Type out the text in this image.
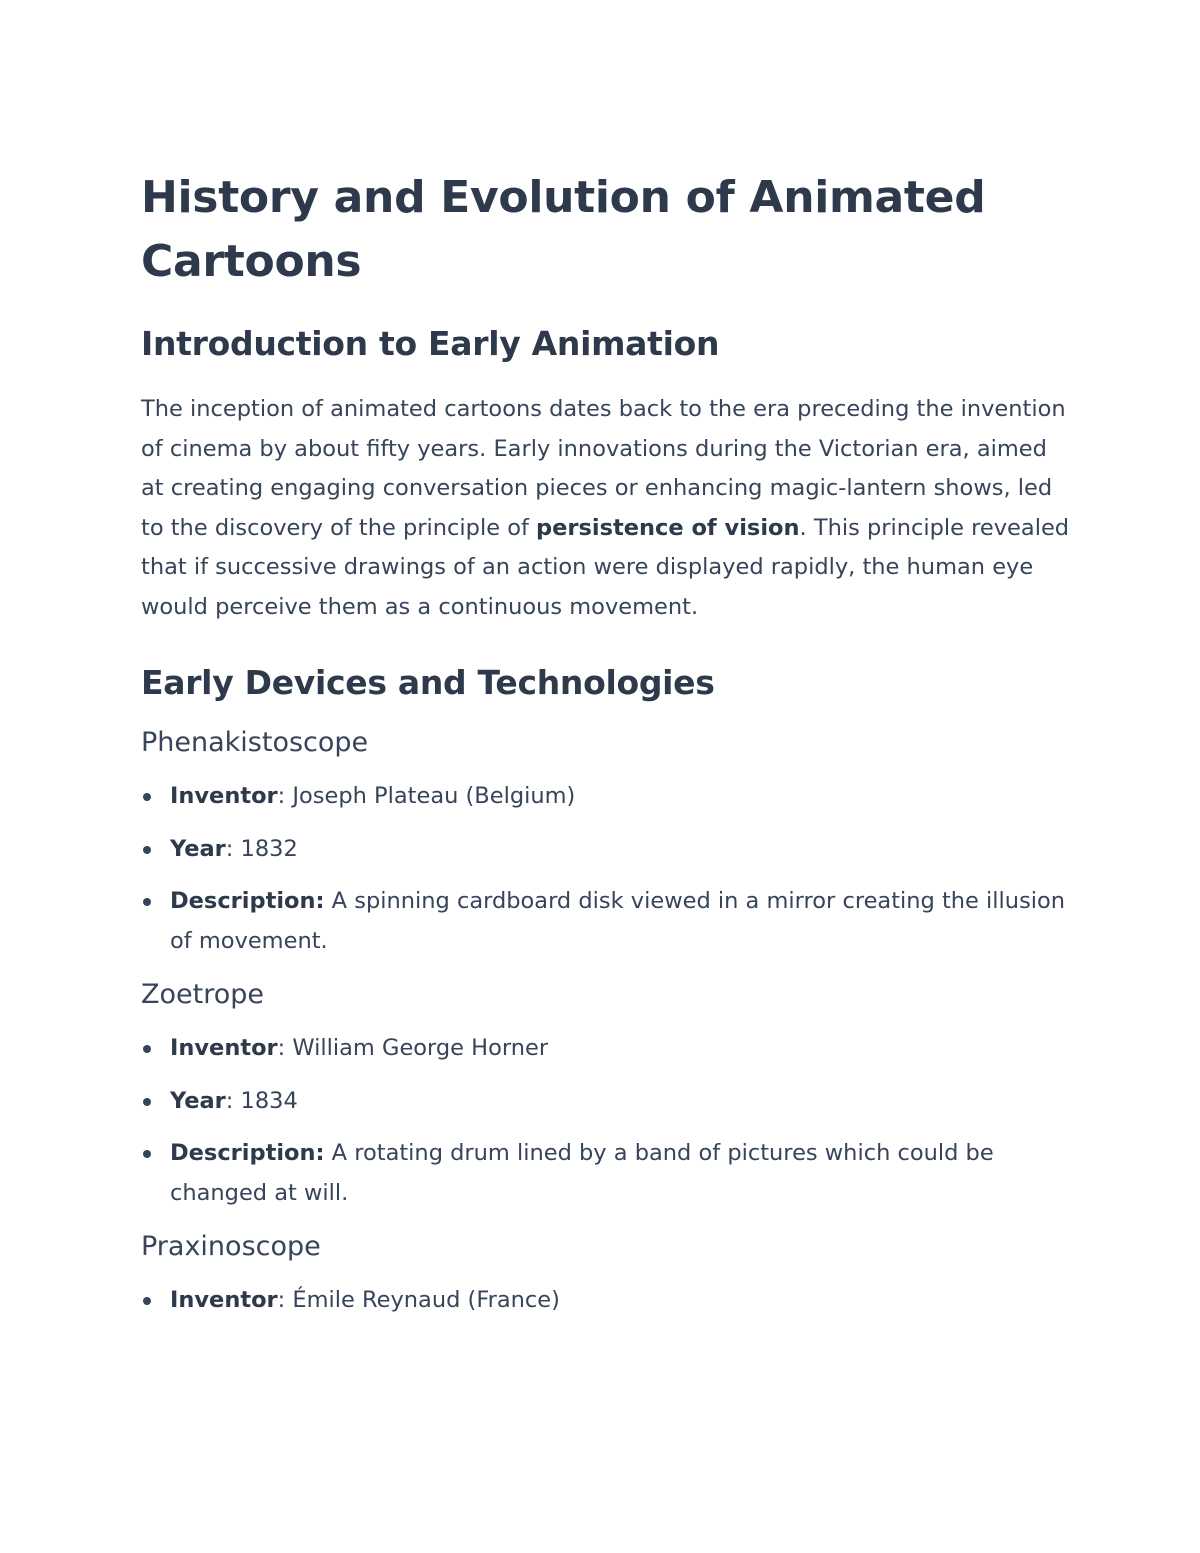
History and Evolution of Animated Cartoons
Introduction to Early Animation

The inception of animated cartoons dates back to the era preceding the invention of cinema by about fifty years. Early innovations during the Victorian era, aimed at creating engaging conversation pieces or enhancing magic-lantern shows, led to the discovery of the principle of persistence of vision. This principle revealed that if successive drawings of an action were displayed rapidly, the human eye would perceive them as a continuous movement.

Early Devices and Technologies
Phenakistoscope
Inventor: Joseph Plateau (Belgium)
Year: 1832
Description: A spinning cardboard disk viewed in a mirror creating the illusion of movement.
Zoetrope
Inventor: William George Horner
Year: 1834
Description: A rotating drum lined by a band of pictures which could be changed at will.
Praxinoscope
Inventor: Émile Reynaud (France)
